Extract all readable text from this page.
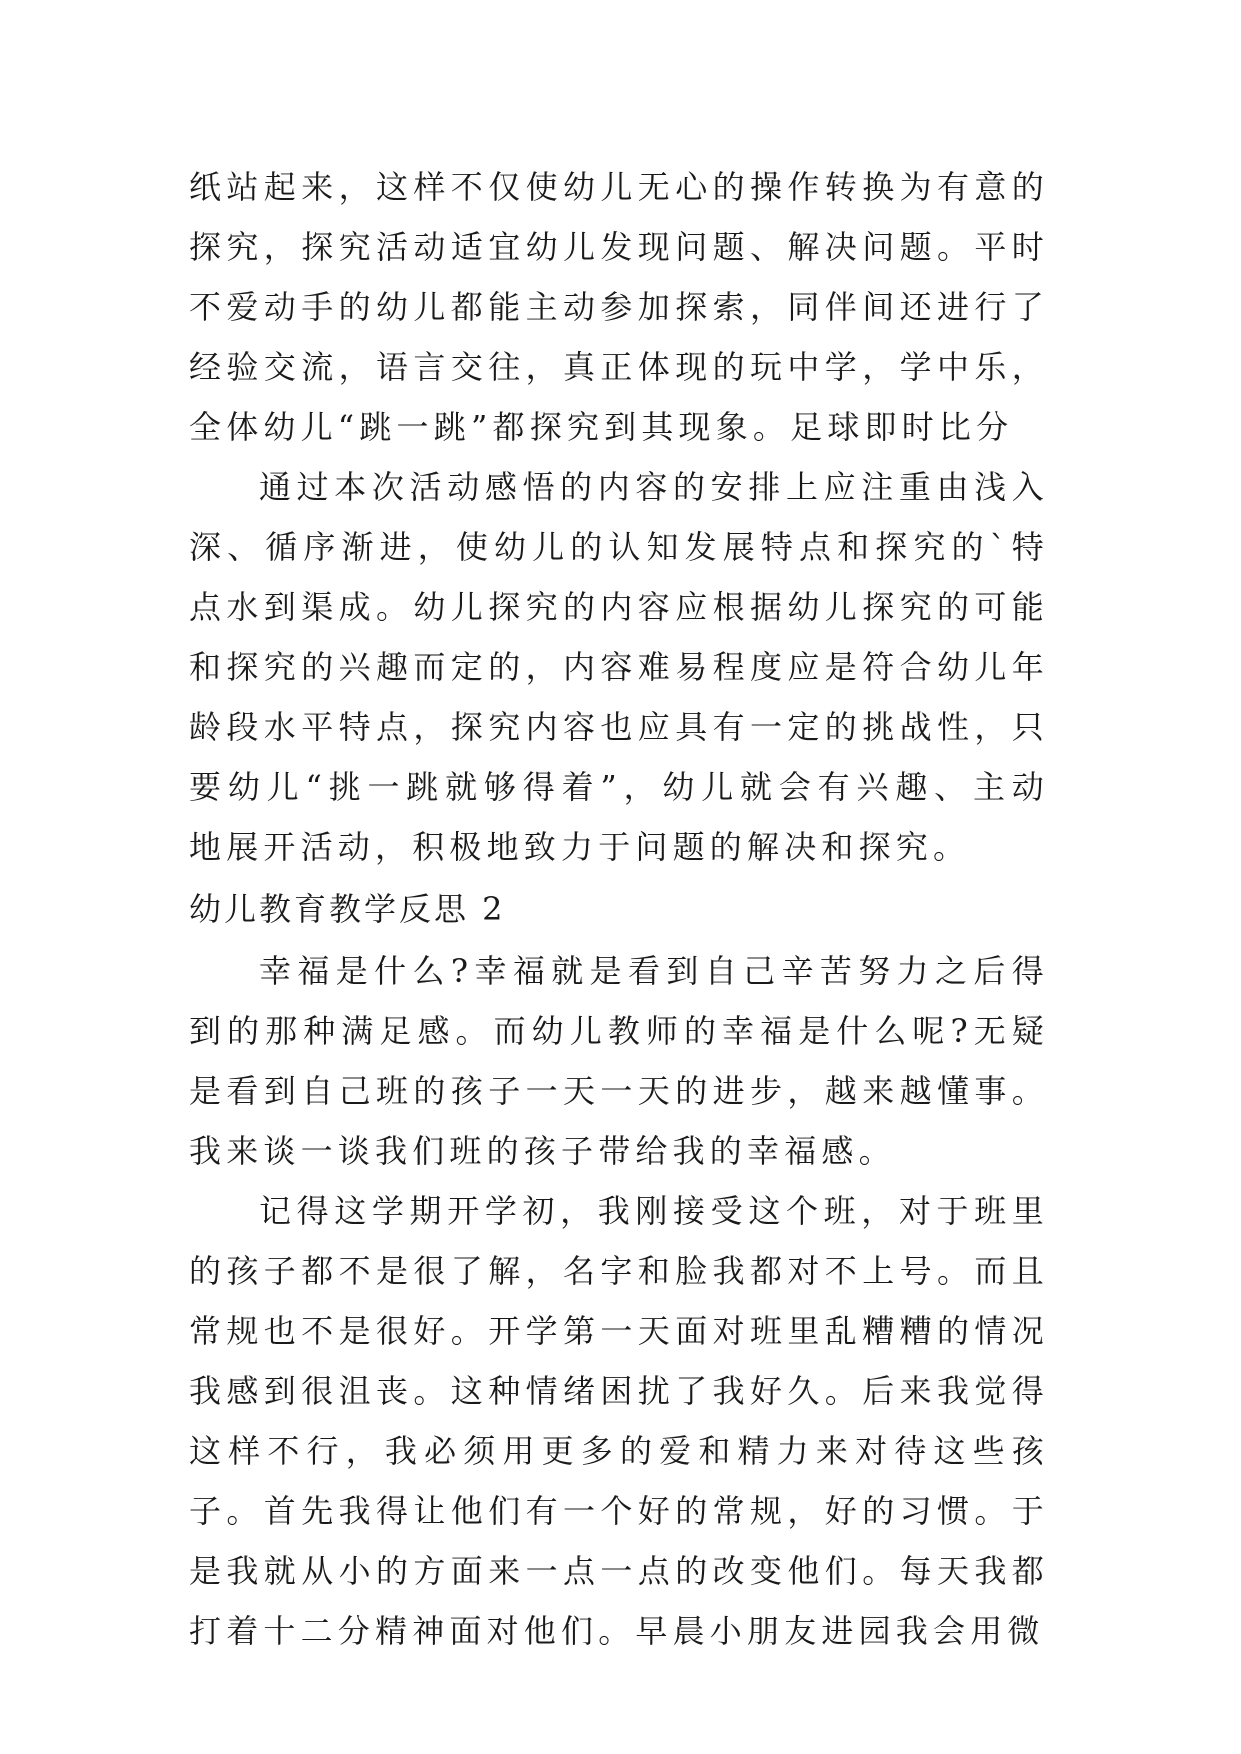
纸站起来，这样不仅使幼儿无心的操作转换为有意的探究，探究活动适宜幼儿发现问题、解决问题。平时不爱动手的幼儿都能主动参加探索，同伴间还进行了经验交流，语言交往，真正体现的玩中学，学中乐，全体幼儿“跳一跳”都探究到其现象。足球即时比分

通过本次活动感悟的内容的安排上应注重由浅入深、循序渐进，使幼儿的认知发展特点和探究的`特点水到渠成。幼儿探究的内容应根据幼儿探究的可能和探究的兴趣而定的，内容难易程度应是符合幼儿年龄段水平特点，探究内容也应具有一定的挑战性，只要幼儿“挑一跳就够得着”，幼儿就会有兴趣、主动地展开活动，积极地致力于问题的解决和探究。

幼儿教育教学反思 2

幸福是什么?幸福就是看到自己辛苦努力之后得到的那种满足感。而幼儿教师的幸福是什么呢?无疑是看到自己班的孩子一天一天的进步，越来越懂事。我来谈一谈我们班的孩子带给我的幸福感。

记得这学期开学初，我刚接受这个班，对于班里的孩子都不是很了解，名字和脸我都对不上号。而且常规也不是很好。开学第一天面对班里乱糟糟的情况我感到很沮丧。这种情绪困扰了我好久。后来我觉得这样不行，我必须用更多的爱和精力来对待这些孩子。首先我得让他们有一个好的常规，好的习惯。于是我就从小的方面来一点一点的改变他们。每天我都打着十二分精神面对他们。早晨小朋友进园我会用微
